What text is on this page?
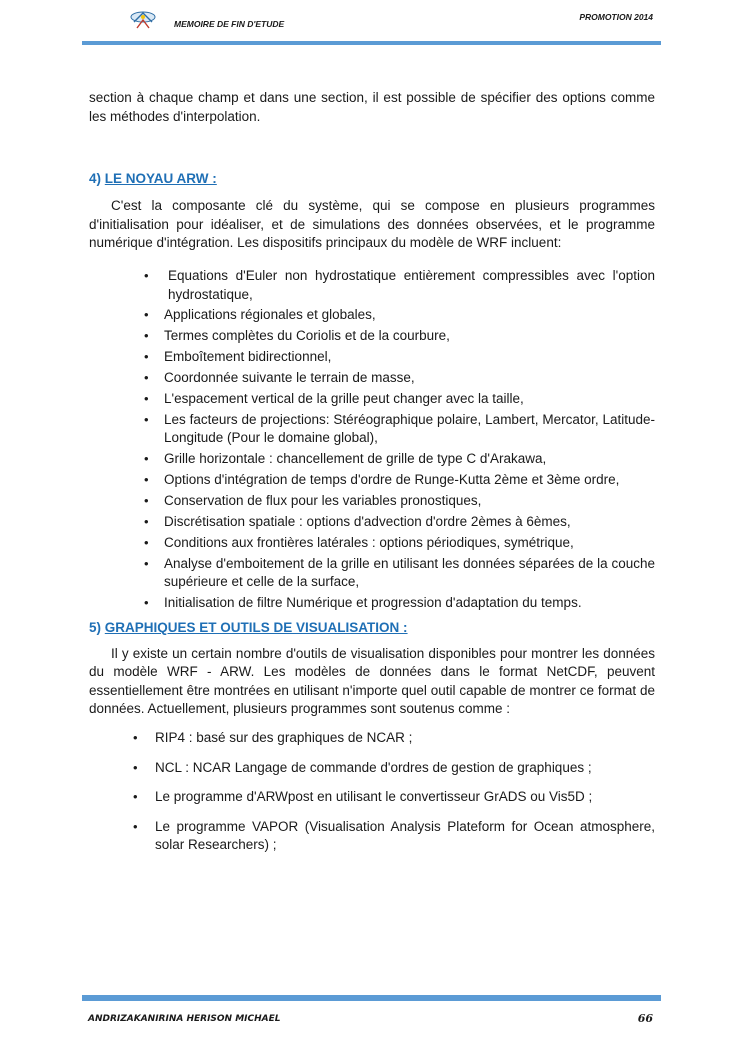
MEMOIRE DE FIN D'ETUDE
PROMOTION 2014

section à chaque champ et dans une section, il est possible de spécifier des options comme les méthodes d'interpolation.

4) LE NOYAU ARW :

C'est la composante clé du système, qui se compose en plusieurs programmes d'initialisation pour idéaliser, et de simulations des données observées, et le programme numérique d'intégration. Les dispositifs principaux du modèle de WRF incluent:

• Equations d'Euler non hydrostatique entièrement compressibles avec l'option hydrostatique,
• Applications régionales et globales,
• Termes complètes du Coriolis et de la courbure,
• Emboîtement bidirectionnel,
• Coordonnée suivante le terrain de masse,
• L'espacement vertical de la grille peut changer avec la taille,
• Les facteurs de projections: Stéréographique polaire, Lambert, Mercator, Latitude-Longitude (Pour le domaine global),
• Grille horizontale : chancellement de grille de type C d'Arakawa,
• Options d'intégration de temps d'ordre de Runge-Kutta 2ème et 3ème ordre,
• Conservation de flux pour les variables pronostiques,
• Discrétisation spatiale : options d'advection d'ordre 2èmes à 6èmes,
• Conditions aux frontières latérales : options périodiques, symétrique,
• Analyse d'emboitement de la grille en utilisant les données séparées de la couche supérieure et celle de la surface,
• Initialisation de filtre Numérique et progression d'adaptation du temps.
5) GRAPHIQUES ET OUTILS DE VISUALISATION :

Il y existe un certain nombre d'outils de visualisation disponibles pour montrer les données du modèle WRF - ARW. Les modèles de données dans le format NetCDF, peuvent essentiellement être montrées en utilisant n'importe quel outil capable de montrer ce format de données. Actuellement, plusieurs programmes sont soutenus comme :

• RIP4 : basé sur des graphiques de NCAR ;
• NCL : NCAR Langage de commande d'ordres de gestion de graphiques ;
• Le programme d'ARWpost en utilisant le convertisseur GrADS ou Vis5D ;
• Le programme VAPOR (Visualisation Analysis Plateform for Ocean atmosphere, solar Researchers) ;
ANDRIZAKANIRINA HERISON MICHAEL	66
